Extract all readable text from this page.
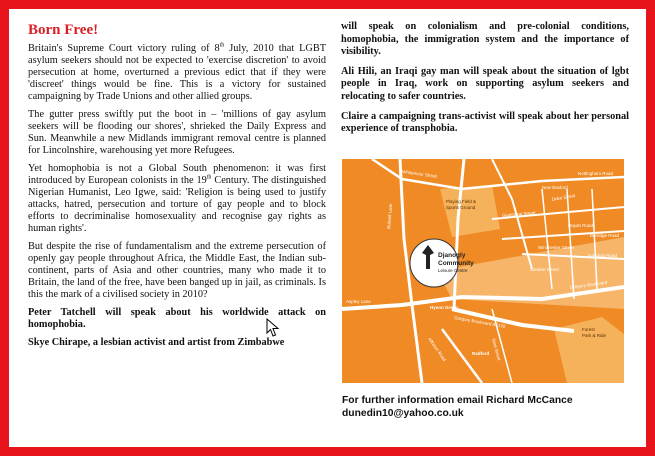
Born Free!

Britain's Supreme Court victory ruling of 8th July, 2010 that LGBT asylum seekers should not be expected to 'exercise discretion' to avoid persecution at home, overturned a previous edict that if they were 'discreet' things would be fine. This is a victory for sustained campaigning by Trade Unions and other allied groups.

The gutter press swiftly put the boot in – 'millions of gay asylum seekers will be flooding our shores', shrieked the Daily Express and Sun. Meanwhile a new Midlands immigrant removal centre is planned for Lincolnshire, warehousing yet more Refugees.

Yet homophobia is not a Global South phenomenon: it was first introduced by European colonists in the 19th Century. The distinguished Nigerian Humanist, Leo Igwe, said: 'Religion is being used to justify attacks, hatred, persecution and torture of gay people and to block efforts to decriminalise homosexuality and recognise gay rights as human rights'.

But despite the rise of fundamentalism and the extreme persecution of openly gay people throughout Africa, the Middle East, the Indian sub-continent, parts of Asia and other countries, many who made it to Britain, the land of the free, have been banged up in jail, as criminals. Is this the mark of a civilised society in 2010?

Peter Tatchell will speak about his worldwide attack on homophobia.

Skye Chirape, a lesbian activist and artist from Zimbabwe

will speak on colonialism and pre-colonial conditions, homophobia, the immigration system and the importance of visibility.

Ali Hili, an Iraqi gay man will speak about the situation of lgbt people in Iraq, work on supporting asylum seekers and relocating to safer countries.

Claire a campaigning trans-activist will speak about her personal experience of transphobia.

Djanogly
Community
Leisure Centre
New Basford
Whitemoor Street
Playing Field &
Sports Ground
Bulwell Lane	Gladstone Street
Aspley Lane
Hyson Green
Gregory Boulevard A6130
Gregory Boulevard
Radford
Forest
Park & Ride
Haydn Road
Berridge Road
Alfreton Road	Noel Street
Sandon Street
Winchester Street
Duke Street
Isandula Road
Nottingham Road
For further information email Richard McCance
dunedin10@yahoo.co.uk
